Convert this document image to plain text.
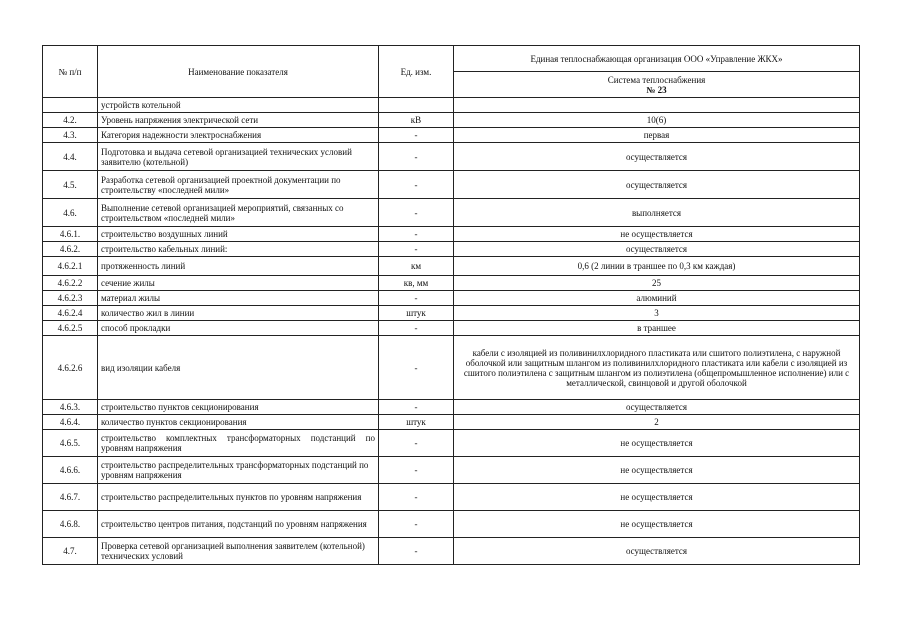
№ п/п	Наименование показателя	Ед. изм.	Единая теплоснабжающая организация ООО «Управление ЖКХ»

			Система теплоснабжения
№ 23

	устройств котельной		
4.2.	Уровень напряжения электрической сети	кВ	10(6)
4.3.	Категория надежности электроснабжения	-	первая
4.4.	Подготовка и выдача сетевой организацией технических условий заявителю (котельной)	-	осуществляется
4.5.	Разработка сетевой организацией проектной документации по строительству «последней мили»	-	осуществляется
4.6.	Выполнение сетевой организацией мероприятий, связанных со строительством «последней мили»	-	выполняется
4.6.1.	строительство воздушных линий	-	не осуществляется
4.6.2.	строительство кабельных линий:	-	осуществляется
4.6.2.1	протяженность линий	км	0,6 (2 линии в траншее по 0,3 км каждая)
4.6.2.2	сечение жилы	кв, мм	25
4.6.2.3	материал жилы	-	алюминий
4.6.2.4	количество жил в линии	штук	3
4.6.2.5	способ прокладки	-	в траншее
4.6.2.6	вид изоляции кабеля	-	кабели с изоляцией из поливинилхлоридного пластиката или сшитого полиэтилена, с наружной оболочкой или защитным шлангом из поливинилхлоридного пластиката или кабели с изоляцией из сшитого полиэтилена с защитным шлангом из полиэтилена (общепромышленное исполнение) или с металлической, свинцовой и другой оболочкой
4.6.3.	строительство пунктов секционирования	-	осуществляется
4.6.4.	количество пунктов секционирования	штук	2
4.6.5.	строительство комплектных трансформаторных подстанций по уровням напряжения	-	не осуществляется
4.6.6.	строительство распределительных трансформаторных подстанций по уровням напряжения	-	не осуществляется
4.6.7.	строительство распределительных пунктов по уровням напряжения	-	не осуществляется
4.6.8.	строительство центров питания, подстанций по уровням напряжения	-	не осуществляется
4.7.	Проверка сетевой организацией выполнения заявителем (котельной) технических условий	-	осуществляется
